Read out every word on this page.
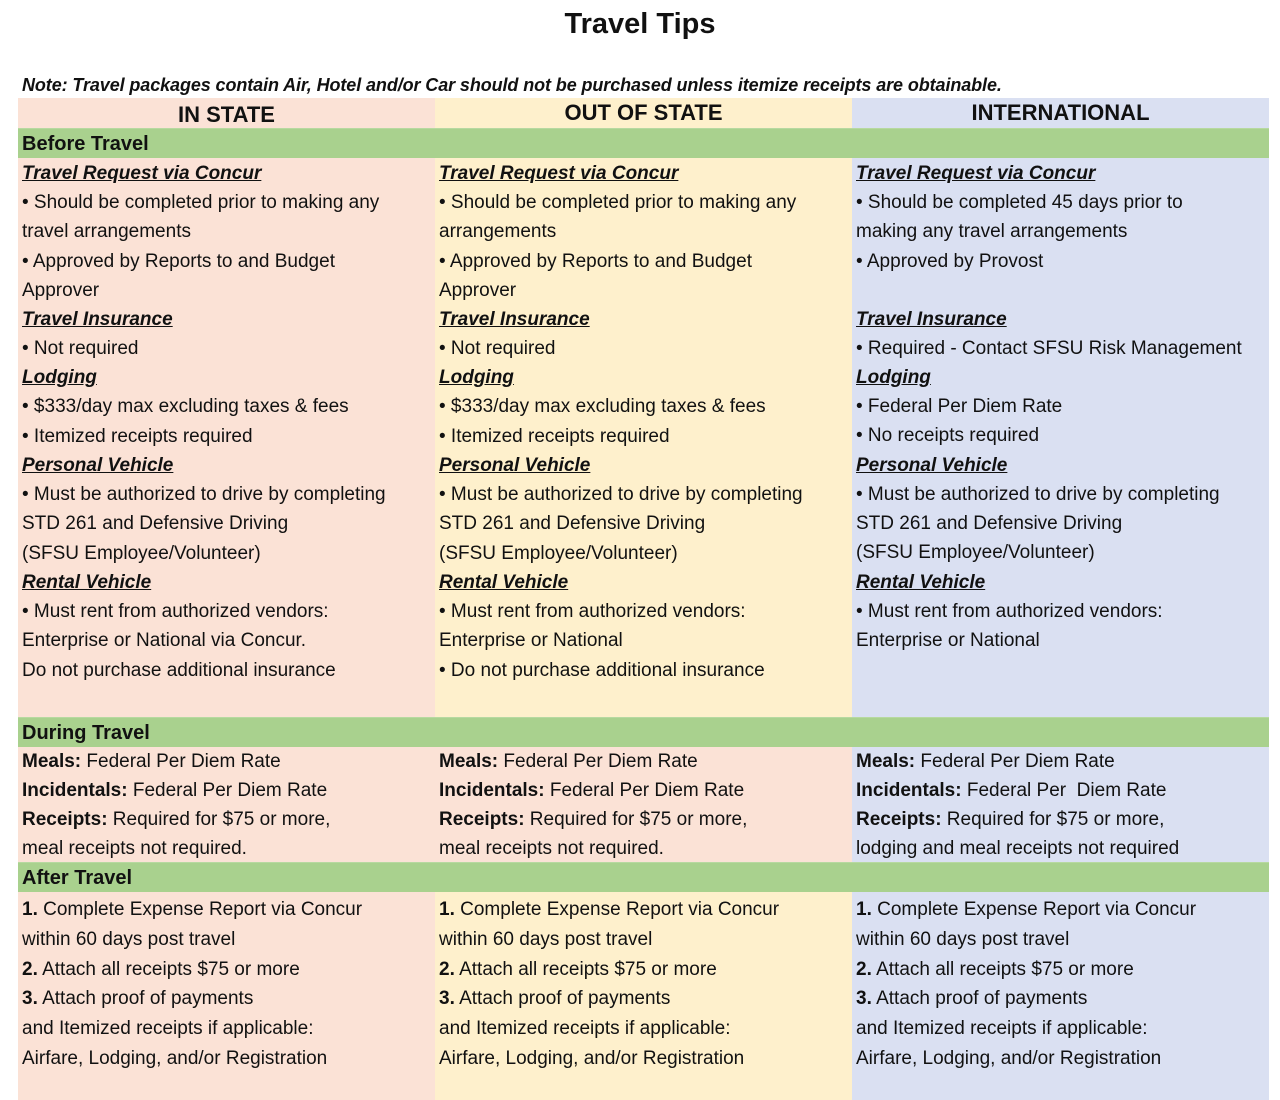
Travel Tips
Note: Travel packages contain Air, Hotel and/or Car should not be purchased unless itemize receipts are obtainable.
IN STATE	OUT OF STATE	INTERNATIONAL
Before Travel
Travel Request via Concur
• Should be completed prior to making any
travel arrangements
• Approved by Reports to and Budget
Approver
Travel Insurance
• Not required
Lodging
• $333/day max excluding taxes & fees
• Itemized receipts required
Personal Vehicle
• Must be authorized to drive by completing
STD 261 and Defensive Driving
(SFSU Employee/Volunteer)
Rental Vehicle
• Must rent from authorized vendors:
Enterprise or National via Concur.
Do not purchase additional insurance
Travel Request via Concur
• Should be completed prior to making any
arrangements
• Approved by Reports to and Budget
Approver
Travel Insurance
• Not required
Lodging
• $333/day max excluding taxes & fees
• Itemized receipts required
Personal Vehicle
• Must be authorized to drive by completing
STD 261 and Defensive Driving
(SFSU Employee/Volunteer)
Rental Vehicle
• Must rent from authorized vendors:
Enterprise or National
• Do not purchase additional insurance
Travel Request via Concur
• Should be completed 45 days prior to
making any travel arrangements
• Approved by Provost
Travel Insurance
• Required - Contact SFSU Risk Management
Lodging
• Federal Per Diem Rate
• No receipts required
Personal Vehicle
• Must be authorized to drive by completing
STD 261 and Defensive Driving
(SFSU Employee/Volunteer)
Rental Vehicle
• Must rent from authorized vendors:
Enterprise or National
During Travel
Meals: Federal Per Diem Rate
Incidentals: Federal Per Diem Rate
Receipts: Required for $75 or more,
meal receipts not required.
Meals: Federal Per Diem Rate
Incidentals: Federal Per Diem Rate
Receipts: Required for $75 or more,
meal receipts not required.
Meals: Federal Per Diem Rate
Incidentals: Federal Per  Diem Rate
Receipts: Required for $75 or more,
lodging and meal receipts not required
After Travel
1. Complete Expense Report via Concur
within 60 days post travel
2. Attach all receipts $75 or more
3. Attach proof of payments
and Itemized receipts if applicable:
Airfare, Lodging, and/or Registration
1. Complete Expense Report via Concur
within 60 days post travel
2. Attach all receipts $75 or more
3. Attach proof of payments
and Itemized receipts if applicable:
Airfare, Lodging, and/or Registration
1. Complete Expense Report via Concur
within 60 days post travel
2. Attach all receipts $75 or more
3. Attach proof of payments
and Itemized receipts if applicable:
Airfare, Lodging, and/or Registration
